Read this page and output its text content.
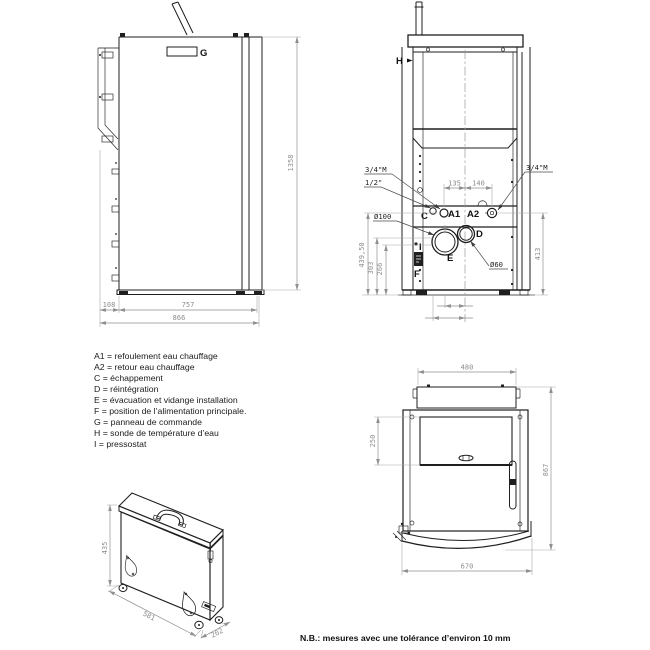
G
1358
108	757
866
H
C A1 A2
D
E
F
I
3/4"M
1/2"
Ø100
Ø60
3/4"M
135 140
439,50
303 266
413
435
581
202
480
250
867
670
A1 = refoulement eau chauffage
A2 = retour eau chauffage
C = échappement
D = réintégration
E = évacuation et vidange installation
F = position de l’alimentation principale.
G = panneau de commande
H = sonde de température d’eau
I = pressostat
N.B.: mesures avec une tolérance d’environ 10 mm
